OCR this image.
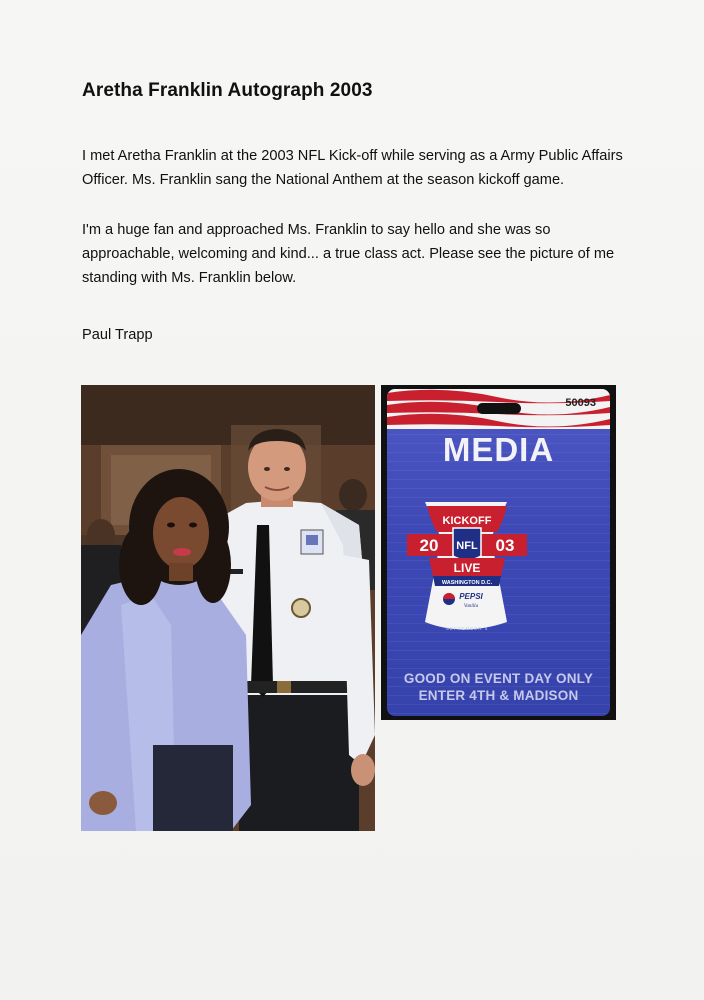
Aretha Franklin Autograph 2003

I met Aretha Franklin at the 2003 NFL Kick-off while serving as a Army Public Affairs Officer. Ms. Franklin sang the National Anthem at the season kickoff game.

I'm a huge fan and approached Ms. Franklin to say hello and she was so approachable, welcoming and kind... a true class act. Please see the picture of me standing with Ms. Franklin below.

Paul Trapp

50093
MEDIA
KICKOFF
20	03
NFL
LIVE
WASHINGTON D.C.
PEPSI
Vanilla
SEPTEMBER 4
GOOD ON EVENT DAY ONLY
ENTER 4TH & MADISON
